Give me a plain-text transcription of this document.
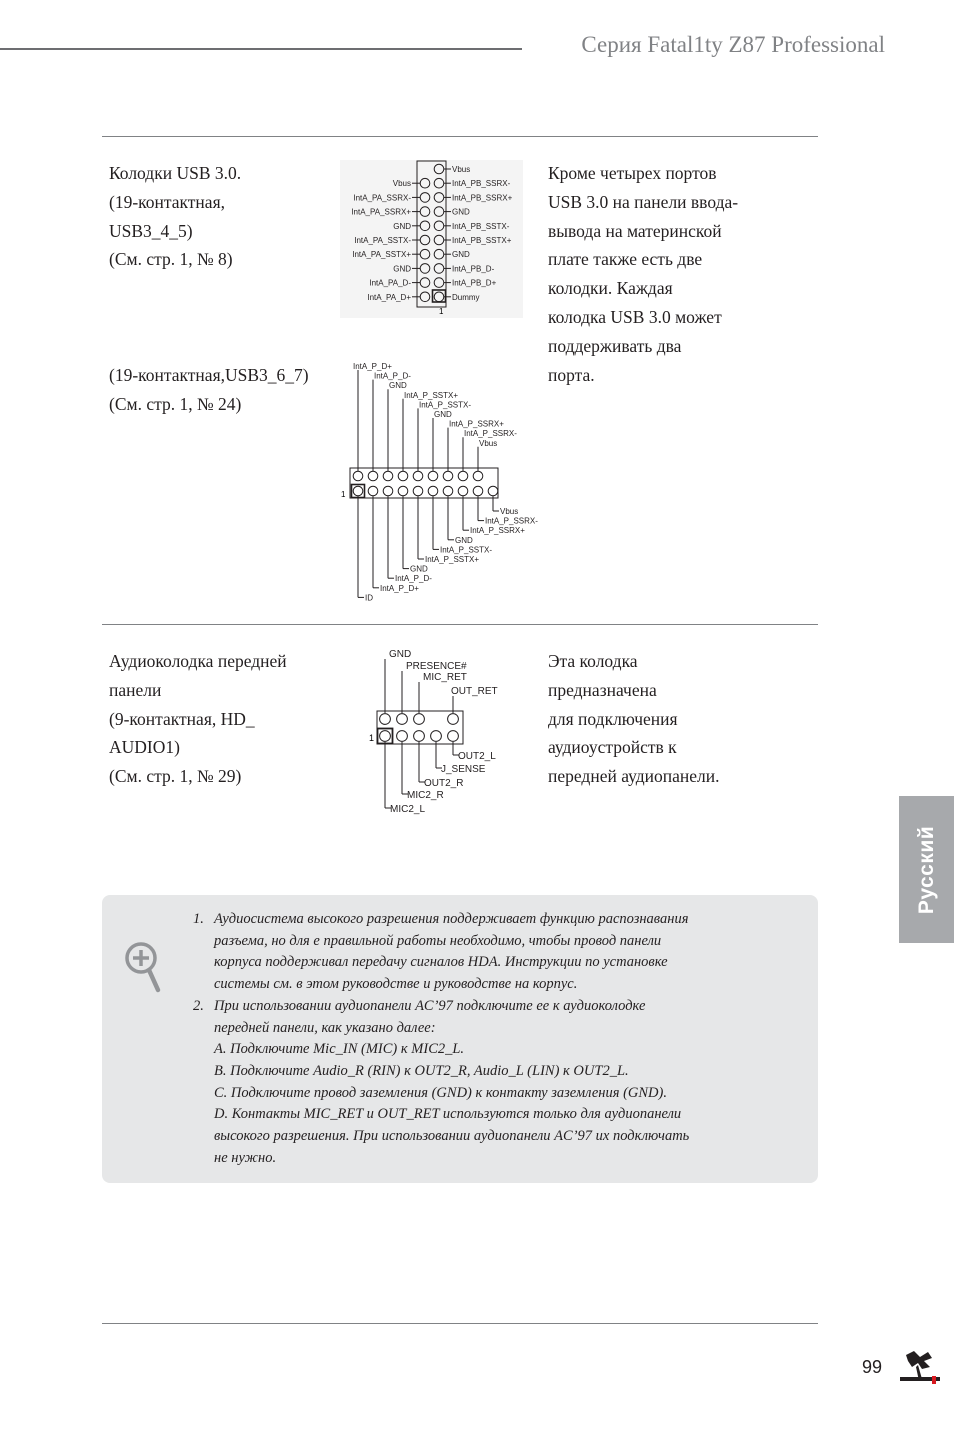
Серия Fatal1ty Z87 Professional
Колодки USB 3.0.
(19-контактная,
USB3_4_5)
(См. стр. 1, № 8)
Кроме четырех портов
USB 3.0 на панели ввода-
вывода на материнской
плате также есть две
колодки. Каждая
колодка USB 3.0 может
поддерживать два
порта.
(19-контактная,USB3_6_7)
(См. стр. 1, № 24)
Vbus
IntA_PA_SSRX-
IntA_PA_SSRX+
GND
IntA_PA_SSTX-
IntA_PA_SSTX+
GND
IntA_PA_D-
IntA_PA_D+
Vbus
IntA_PB_SSRX-
IntA_PB_SSRX+
GND
IntA_PB_SSTX-
IntA_PB_SSTX+
GND
IntA_PB_D-
IntA_PB_D+
Dummy
1
IntA_P_D+
IntA_P_D-
GND
IntA_P_SSTX+
IntA_P_SSTX-
GND
IntA_P_SSRX+
IntA_P_SSRX-
Vbus
Vbus
IntA_P_SSRX-
IntA_P_SSRX+
GND
IntA_P_SSTX-
IntA_P_SSTX+
GND
IntA_P_D-
IntA_P_D+
ID
1
Аудиоколодка передней
панели
(9-контактная, HD_
AUDIO1)
(См. стр. 1, № 29)
Эта колодка
предназначена
для подключения
аудиоустройств к
передней аудиопанели.
GND
PRESENCE#
MIC_RET
OUT_RET
OUT2_L
J_SENSE
OUT2_R
MIC2_R
MIC2_L
1
Русский
1. Аудиосистема высокого разрешения поддерживает функцию распознавания
разъема, но для е правильной работы необходимо, чтобы провод панели
корпуса поддерживал передачу сигналов HDA. Инструкции по установке
системы см. в этом руководстве и руководстве на корпус.
2. При использовании аудиопанели AC’97 подключите ее к аудиоколодке
передней панели, как указано далее:
A. Подключите Mic_IN (MIC) к MIC2_L.
B. Подключите Audio_R (RIN) к OUT2_R, Audio_L (LIN) к OUT2_L.
C. Подключите провод заземления (GND) к контакту заземления (GND).
D. Контакты MIC_RET и OUT_RET используются только для аудиопанели
высокого разрешения. При использовании аудиопанели AC’97 их подключать
не нужно.
99
